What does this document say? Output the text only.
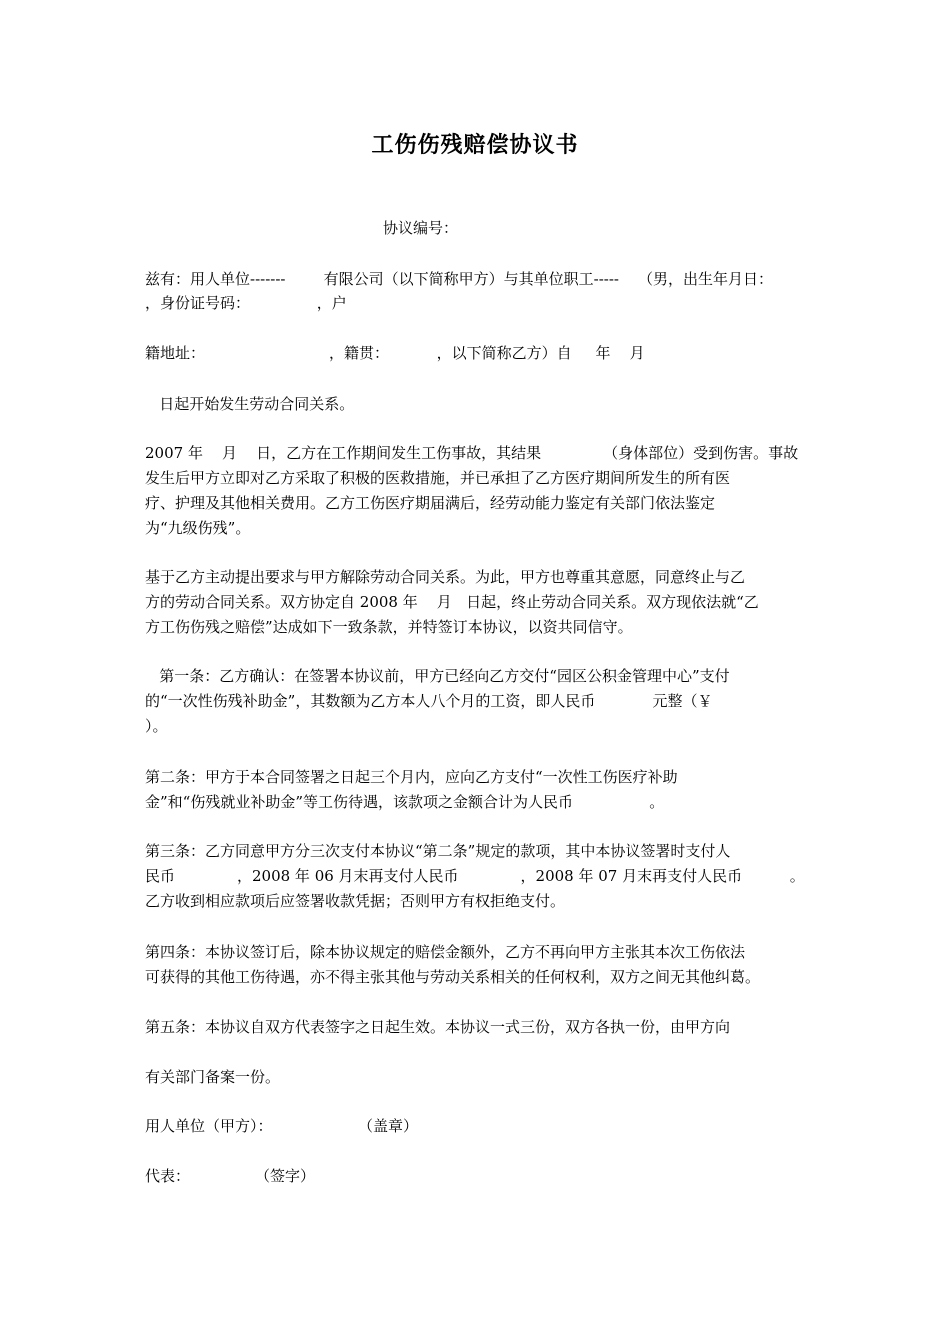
工伤伤残赔偿协议书
协议编号：
兹有：用人单位-------        有限公司（以下简称甲方）与其单位职工-----    （男，出生年月日：
，身份证号码：              ，户
籍地址：                          ，籍贯：          ，以下简称乙方）自     年    月
日起开始发生劳动合同关系。
2007 年    月    日，乙方在工作期间发生工伤事故，其结果             （身体部位）受到伤害。事故
发生后甲方立即对乙方采取了积极的医救措施，并已承担了乙方医疗期间所发生的所有医
疗、护理及其他相关费用。乙方工伤医疗期届满后，经劳动能力鉴定有关部门依法鉴定
为“九级伤残”。
基于乙方主动提出要求与甲方解除劳动合同关系。为此，甲方也尊重其意愿，同意终止与乙
方的劳动合同关系。双方协定自 2008 年    月   日起，终止劳动合同关系。双方现依法就“乙
方工伤伤残之赔偿”达成如下一致条款，并特签订本协议，以资共同信守。
第一条：乙方确认：在签署本协议前，甲方已经向乙方交付“园区公积金管理中心”支付
的“一次性伤残补助金”，其数额为乙方本人八个月的工资，即人民币            元整（￥
）。
第二条：甲方于本合同签署之日起三个月内，应向乙方支付“一次性工伤医疗补助
金”和“伤残就业补助金”等工伤待遇，该款项之金额合计为人民币                。
第三条：乙方同意甲方分三次支付本协议“第二条”规定的款项，其中本协议签署时支付人
民币             ，2008 年 06 月末再支付人民币             ，2008 年 07 月末再支付人民币          。
乙方收到相应款项后应签署收款凭据；否则甲方有权拒绝支付。
第四条：本协议签订后，除本协议规定的赔偿金额外，乙方不再向甲方主张其本次工伤依法
可获得的其他工伤待遇，亦不得主张其他与劳动关系相关的任何权利，双方之间无其他纠葛。
第五条：本协议自双方代表签字之日起生效。本协议一式三份，双方各执一份，由甲方向
有关部门备案一份。
用人单位（甲方）：	（盖章）
代表：	（签字）
